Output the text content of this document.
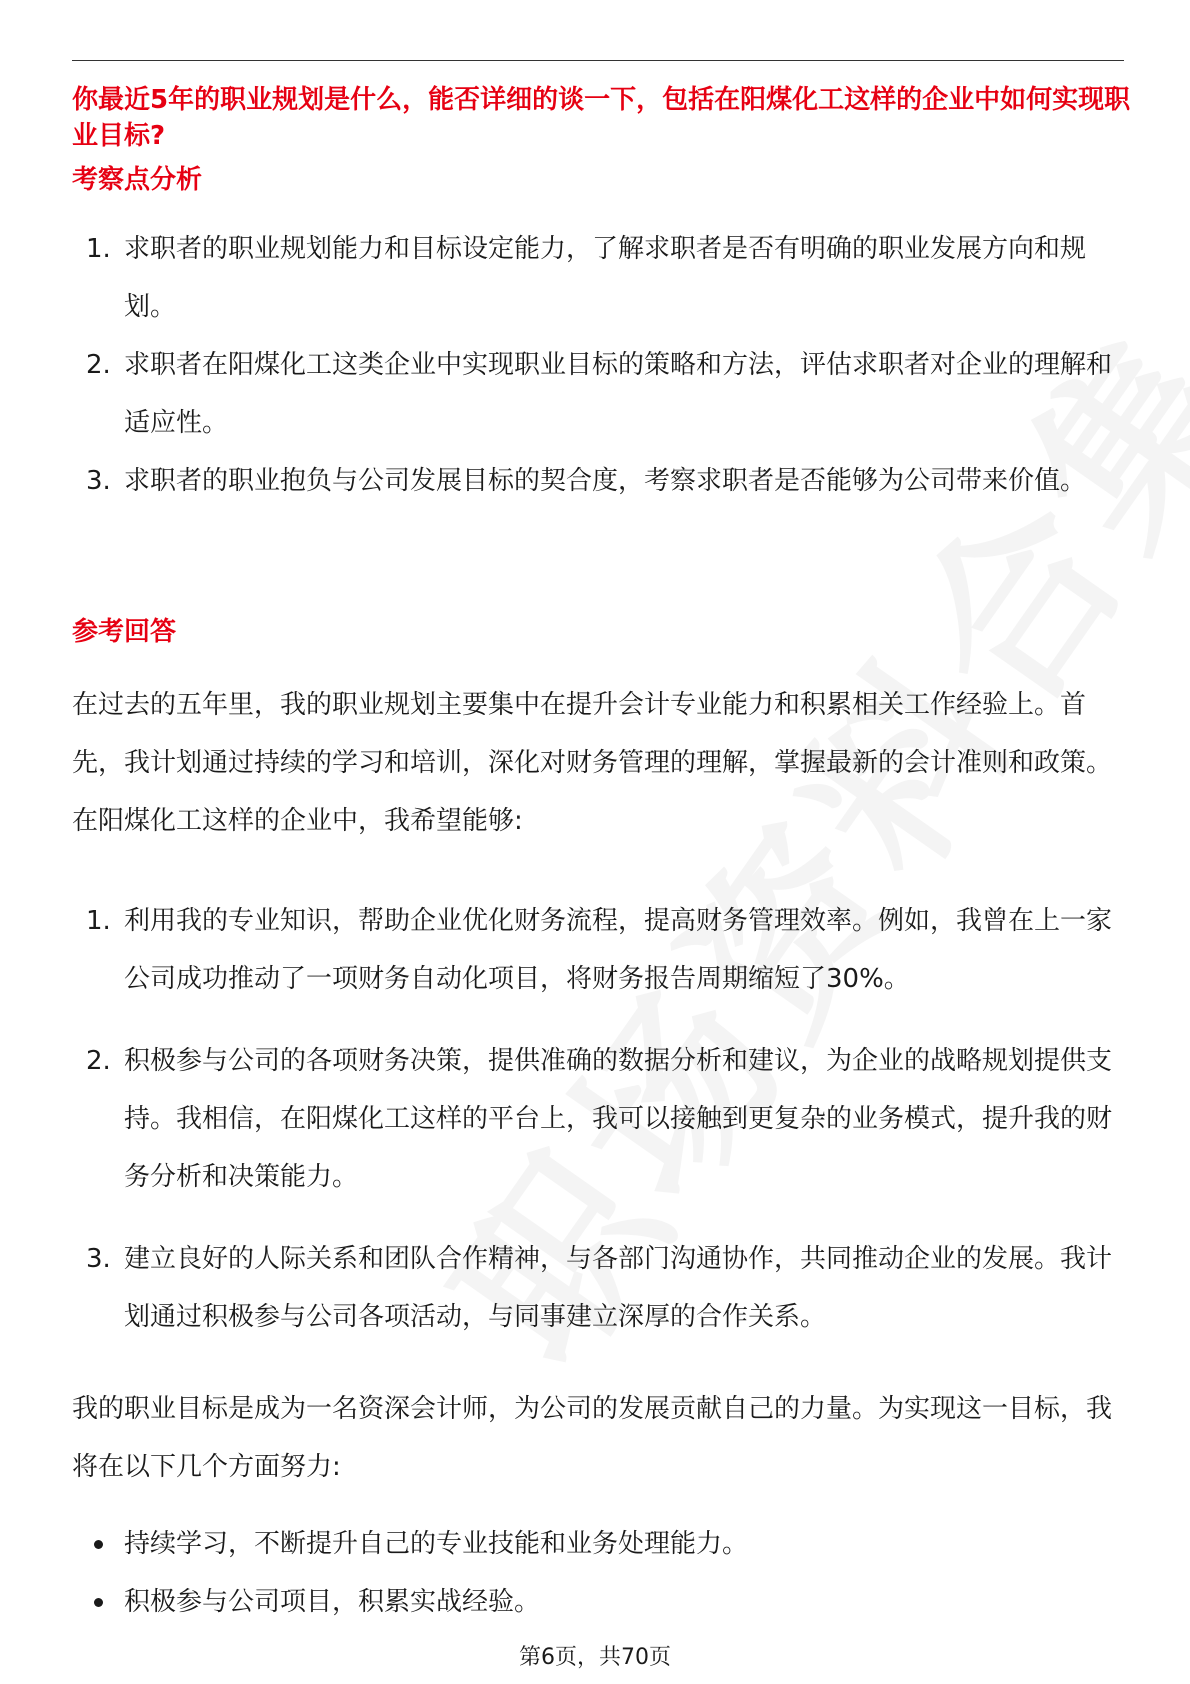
你最近5年的职业规划是什么，能否详细的谈一下，包括在阳煤化工这样的企业中如何实现职业目标?
考察点分析
1. 求职者的职业规划能力和目标设定能力，了解求职者是否有明确的职业发展方向和规划。
2. 求职者在阳煤化工这类企业中实现职业目标的策略和方法，评估求职者对企业的理解和适应性。
3. 求职者的职业抱负与公司发展目标的契合度，考察求职者是否能够为公司带来价值。
参考回答
在过去的五年里，我的职业规划主要集中在提升会计专业能力和积累相关工作经验上。首先，我计划通过持续的学习和培训，深化对财务管理的理解，掌握最新的会计准则和政策。在阳煤化工这样的企业中，我希望能够:
1. 利用我的专业知识，帮助企业优化财务流程，提高财务管理效率。例如，我曾在上一家公司成功推动了一项财务自动化项目，将财务报告周期缩短了30%。
2. 积极参与公司的各项财务决策，提供准确的数据分析和建议，为企业的战略规划提供支持。我相信，在阳煤化工这样的平台上，我可以接触到更复杂的业务模式，提升我的财务分析和决策能力。
3. 建立良好的人际关系和团队合作精神，与各部门沟通协作，共同推动企业的发展。我计划通过积极参与公司各项活动，与同事建立深厚的合作关系。
我的职业目标是成为一名资深会计师，为公司的发展贡献自己的力量。为实现这一目标，我将在以下几个方面努力:
持续学习，不断提升自己的专业技能和业务处理能力。
积极参与公司项目，积累实战经验。
第6页，共70页
